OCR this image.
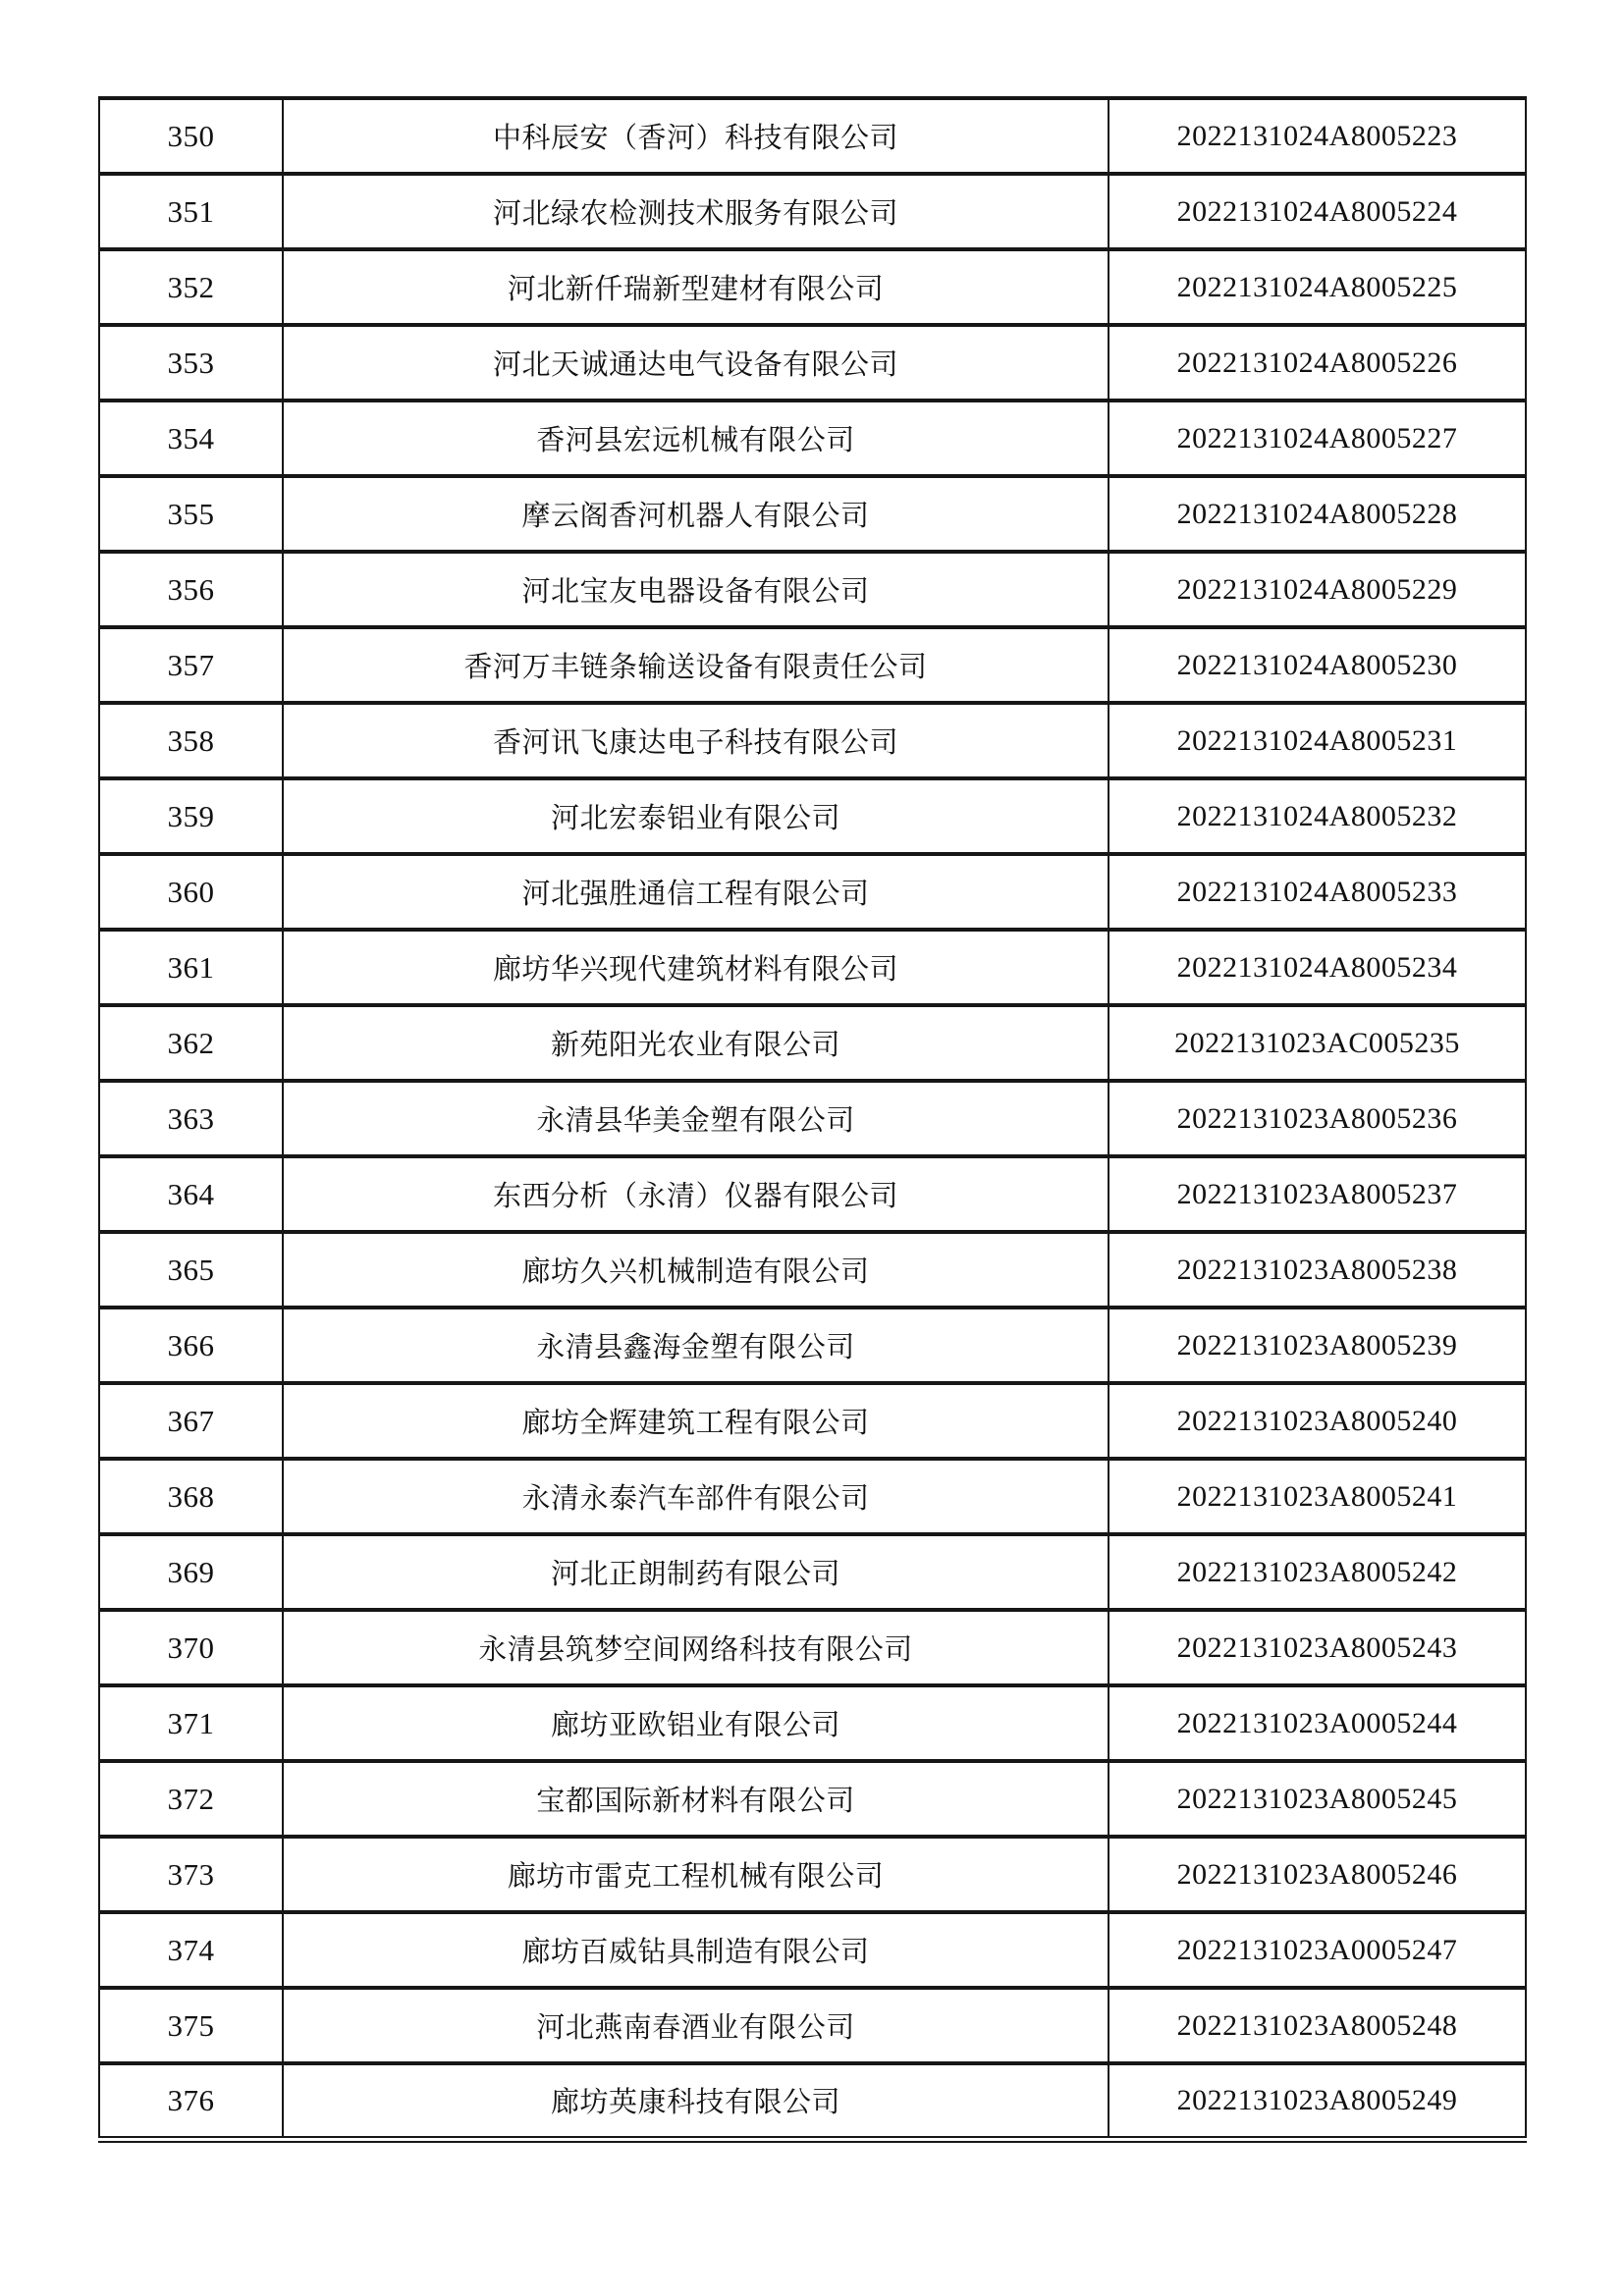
350	中科辰安（香河）科技有限公司	2022131024A8005223
351	河北绿农检测技术服务有限公司	2022131024A8005224
352	河北新仟瑞新型建材有限公司	2022131024A8005225
353	河北天诚通达电气设备有限公司	2022131024A8005226
354	香河县宏远机械有限公司	2022131024A8005227
355	摩云阁香河机器人有限公司	2022131024A8005228
356	河北宝友电器设备有限公司	2022131024A8005229
357	香河万丰链条输送设备有限责任公司	2022131024A8005230
358	香河讯飞康达电子科技有限公司	2022131024A8005231
359	河北宏泰铝业有限公司	2022131024A8005232
360	河北强胜通信工程有限公司	2022131024A8005233
361	廊坊华兴现代建筑材料有限公司	2022131024A8005234
362	新苑阳光农业有限公司	2022131023AC005235
363	永清县华美金塑有限公司	2022131023A8005236
364	东西分析（永清）仪器有限公司	2022131023A8005237
365	廊坊久兴机械制造有限公司	2022131023A8005238
366	永清县鑫海金塑有限公司	2022131023A8005239
367	廊坊全辉建筑工程有限公司	2022131023A8005240
368	永清永泰汽车部件有限公司	2022131023A8005241
369	河北正朗制药有限公司	2022131023A8005242
370	永清县筑梦空间网络科技有限公司	2022131023A8005243
371	廊坊亚欧铝业有限公司	2022131023A0005244
372	宝都国际新材料有限公司	2022131023A8005245
373	廊坊市雷克工程机械有限公司	2022131023A8005246
374	廊坊百威钻具制造有限公司	2022131023A0005247
375	河北燕南春酒业有限公司	2022131023A8005248
376	廊坊英康科技有限公司	2022131023A8005249
